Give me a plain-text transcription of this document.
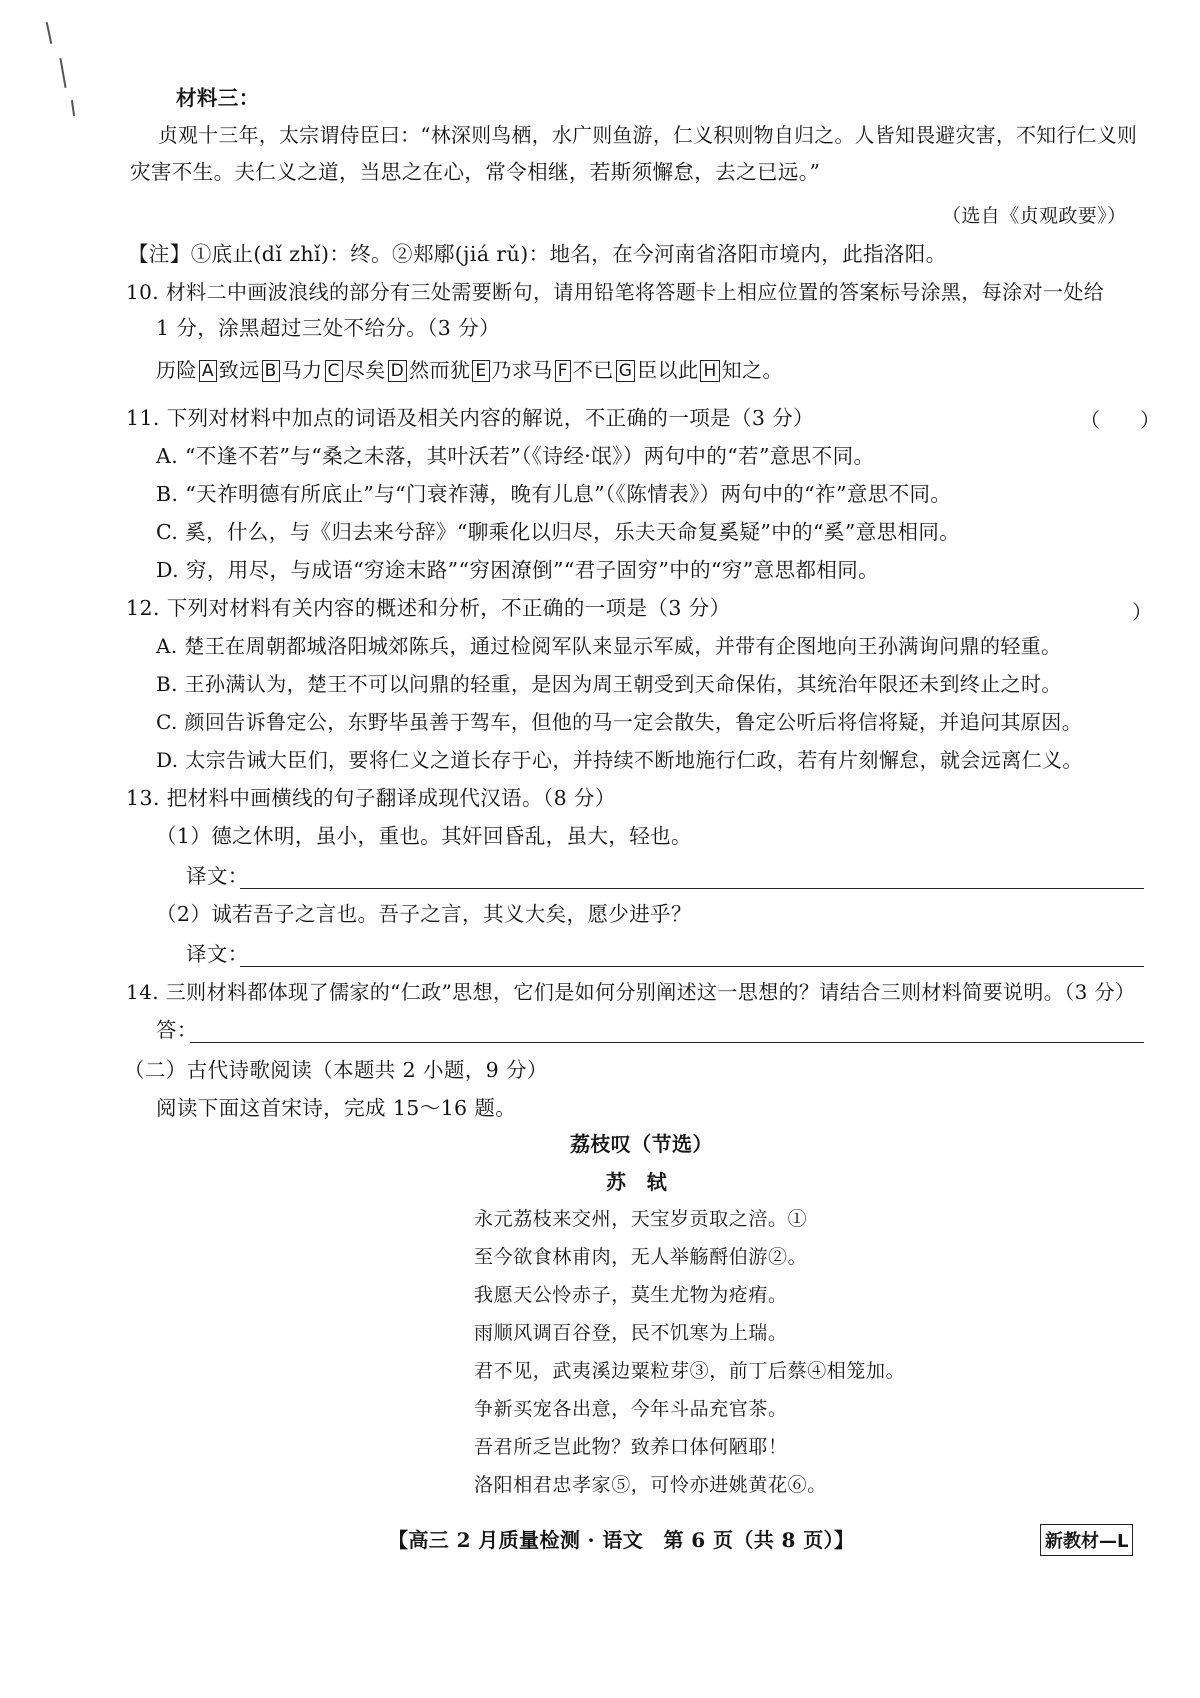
材料三：
贞观十三年，太宗谓侍臣曰：“林深则鸟栖，水广则鱼游，仁义积则物自归之。人皆知畏避灾害，不知行仁义则
灾害不生。夫仁义之道，当思之在心，常令相继，若斯须懈怠，去之已远。”
（选自《贞观政要》）
【注】①底止(dǐ zhǐ)：终。②郏鄏(jiá rǔ)：地名，在今河南省洛阳市境内，此指洛阳。
10. 材料二中画波浪线的部分有三处需要断句，请用铅笔将答题卡上相应位置的答案标号涂黑，每涂对一处给
1 分，涂黑超过三处不给分。（3 分）
历险 A 致远 B 马力 C 尽矣 D 然而犹 E 乃求马 F 不已 G 臣以此 H 知之。
11. 下列对材料中加点的词语及相关内容的解说，不正确的一项是（3 分）	（　　）
A. “不逢不若”与“桑之未落，其叶沃若”（《诗经·氓》）两句中的“若”意思不同。
B. “天祚明德有所底止”与“门衰祚薄，晚有儿息”（《陈情表》）两句中的“祚”意思不同。
C. 奚，什么，与《归去来兮辞》“聊乘化以归尽，乐夫天命复奚疑”中的“奚”意思相同。
D. 穷，用尽，与成语“穷途末路”“穷困潦倒”“君子固穷”中的“穷”意思都相同。
12. 下列对材料有关内容的概述和分析，不正确的一项是（3 分）	）
A. 楚王在周朝都城洛阳城郊陈兵，通过检阅军队来显示军威，并带有企图地向王孙满询问鼎的轻重。
B. 王孙满认为，楚王不可以问鼎的轻重，是因为周王朝受到天命保佑，其统治年限还未到终止之时。
C. 颜回告诉鲁定公，东野毕虽善于驾车，但他的马一定会散失，鲁定公听后将信将疑，并追问其原因。
D. 太宗告诫大臣们，要将仁义之道长存于心，并持续不断地施行仁政，若有片刻懈怠，就会远离仁义。
13. 把材料中画横线的句子翻译成现代汉语。（8 分）
（1）德之休明，虽小，重也。其奸回昏乱，虽大，轻也。
译文：
（2）诚若吾子之言也。吾子之言，其义大矣，愿少进乎？
译文：
14. 三则材料都体现了儒家的“仁政”思想，它们是如何分别阐述这一思想的？请结合三则材料简要说明。（3 分）
答：
（二）古代诗歌阅读（本题共 2 小题，9 分）
阅读下面这首宋诗，完成 15～16 题。
荔枝叹（节选）
苏　轼
永元荔枝来交州，天宝岁贡取之涪。①
至今欲食林甫肉，无人举觞酹伯游②。
我愿天公怜赤子，莫生尤物为疮痏。
雨顺风调百谷登，民不饥寒为上瑞。
君不见，武夷溪边粟粒芽③，前丁后蔡④相笼加。
争新买宠各出意，今年斗品充官茶。
吾君所乏岂此物？致养口体何陋耶！
洛阳相君忠孝家⑤，可怜亦进姚黄花⑥。
【高三 2 月质量检测 · 语文　第 6 页（共 8 页）】	新教材—L
